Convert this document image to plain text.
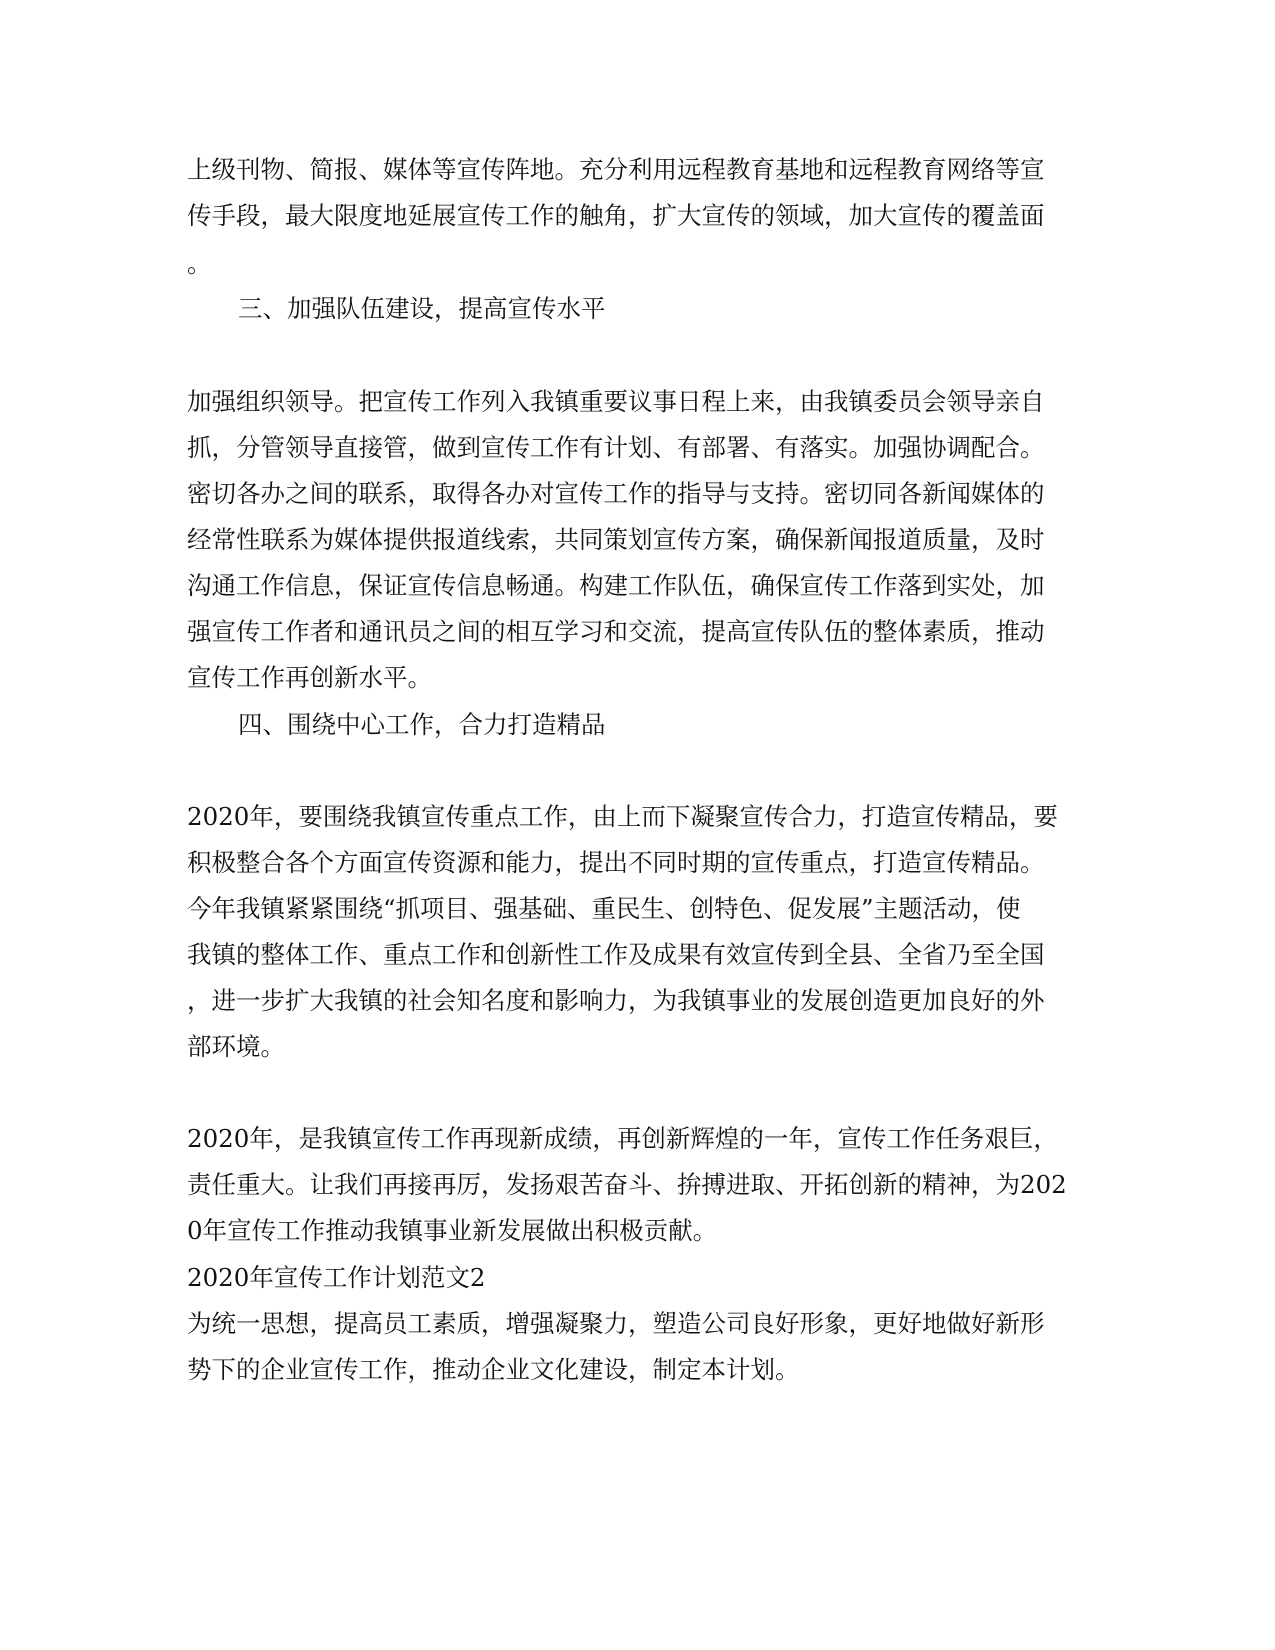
上级刊物、简报、媒体等宣传阵地。充分利用远程教育基地和远程教育网络等宣

传手段，最大限度地延展宣传工作的触角，扩大宣传的领域，加大宣传的覆盖面

。

三、加强队伍建设，提高宣传水平

加强组织领导。把宣传工作列入我镇重要议事日程上来，由我镇委员会领导亲自

抓，分管领导直接管，做到宣传工作有计划、有部署、有落实。加强协调配合。

密切各办之间的联系，取得各办对宣传工作的指导与支持。密切同各新闻媒体的

经常性联系为媒体提供报道线索，共同策划宣传方案，确保新闻报道质量，及时

沟通工作信息，保证宣传信息畅通。构建工作队伍，确保宣传工作落到实处，加

强宣传工作者和通讯员之间的相互学习和交流，提高宣传队伍的整体素质，推动

宣传工作再创新水平。

四、围绕中心工作，合力打造精品

2020年，要围绕我镇宣传重点工作，由上而下凝聚宣传合力，打造宣传精品，要

积极整合各个方面宣传资源和能力，提出不同时期的宣传重点，打造宣传精品。

今年我镇紧紧围绕“抓项目、强基础、重民生、创特色、促发展”主题活动，使

我镇的整体工作、重点工作和创新性工作及成果有效宣传到全县、全省乃至全国

，进一步扩大我镇的社会知名度和影响力，为我镇事业的发展创造更加良好的外

部环境。

2020年，是我镇宣传工作再现新成绩，再创新辉煌的一年，宣传工作任务艰巨，

责任重大。让我们再接再厉，发扬艰苦奋斗、拚搏进取、开拓创新的精神，为202

0年宣传工作推动我镇事业新发展做出积极贡献。

2020年宣传工作计划范文2

为统一思想，提高员工素质，增强凝聚力，塑造公司良好形象，更好地做好新形

势下的企业宣传工作，推动企业文化建设，制定本计划。
